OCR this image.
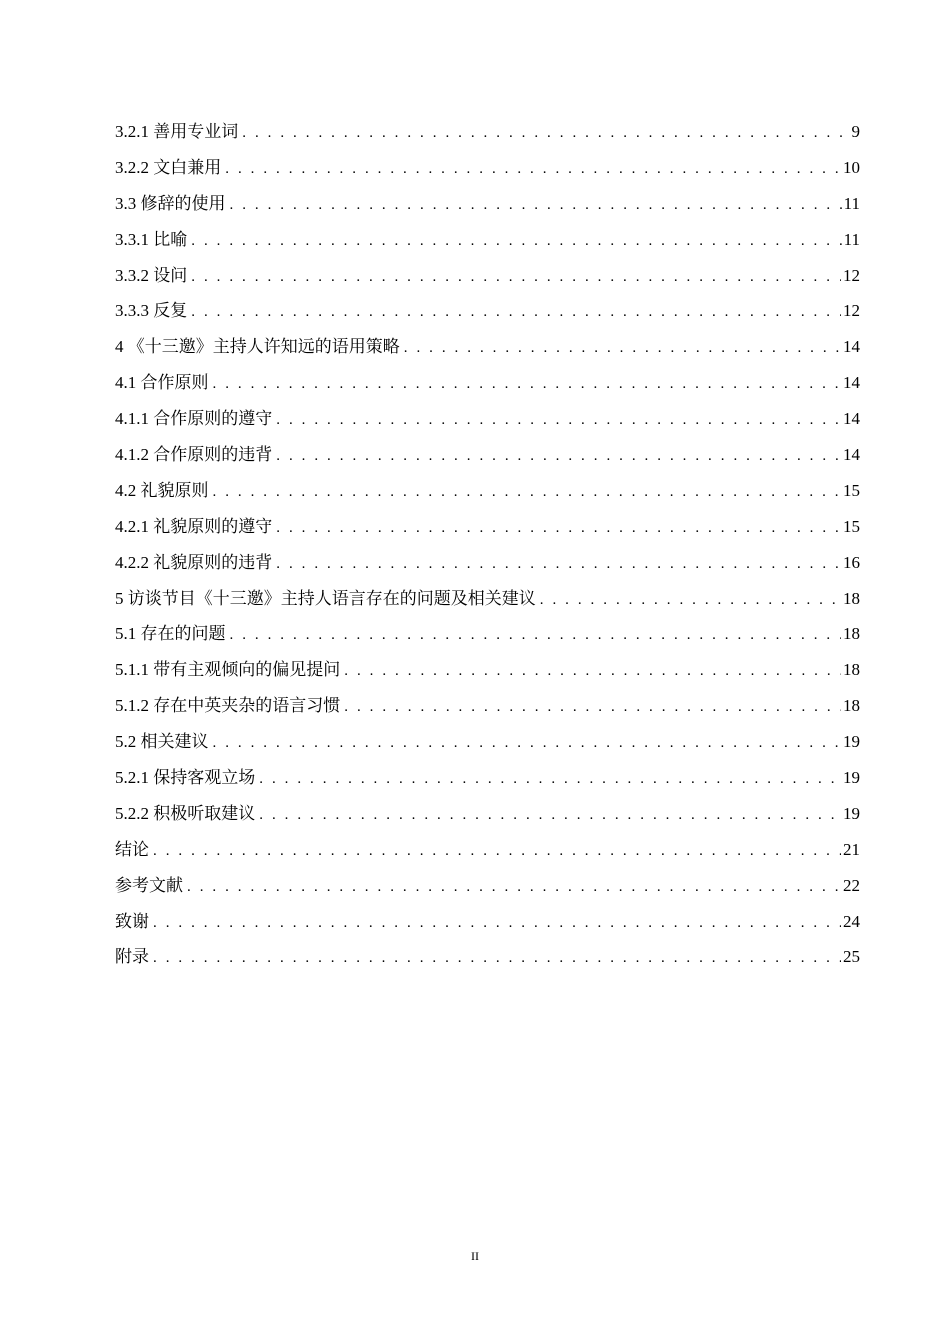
3.2.1 善用专业词 . . .	9
3.2.2 文白兼用 . . .	10
3.3 修辞的使用 . . .	11
3.3.1 比喻 . . .	11
3.3.2 设问 . . .	12
3.3.3 反复 . . .	12
4 《十三邀》主持人许知远的语用策略 . . .	14
4.1 合作原则 . . .	14
4.1.1 合作原则的遵守 . . .	14
4.1.2 合作原则的违背 . . .	14
4.2 礼貌原则 . . .	15
4.2.1 礼貌原则的遵守 . . .	15
4.2.2 礼貌原则的违背 . . .	16
5 访谈节目《十三邀》主持人语言存在的问题及相关建议 . . .	18
5.1 存在的问题 . . .	18
5.1.1 带有主观倾向的偏见提问 . . .	18
5.1.2 存在中英夹杂的语言习惯 . . .	18
5.2 相关建议 . . .	19
5.2.1 保持客观立场 . . .	19
5.2.2 积极听取建议 . . .	19
结论 . . .	21
参考文献 . . .	22
致谢 . . .	24
附录 . . .	25
II
